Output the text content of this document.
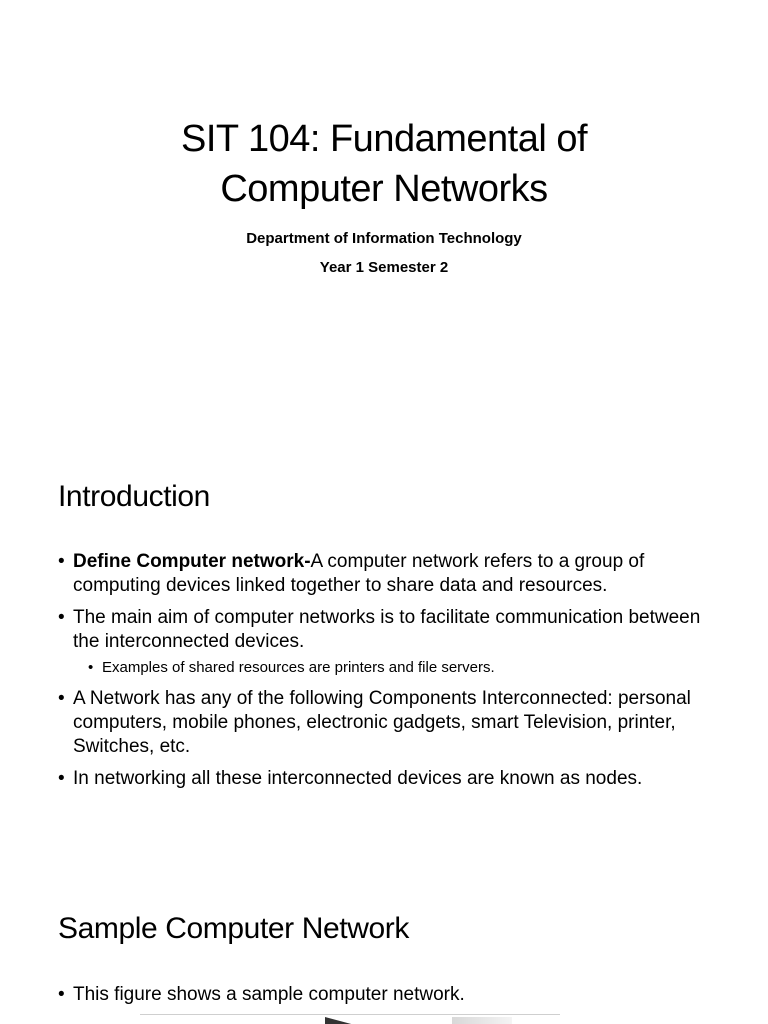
SIT 104: Fundamental of
Computer Networks
Department of Information Technology
Year 1 Semester 2
Introduction
• Define Computer network-A computer network refers to a group of computing devices linked together to share data and resources.
• The main aim of computer networks is to facilitate communication between the interconnected devices.
• Examples of shared resources are printers and file servers.
• A Network has any of the following Components Interconnected: personal computers, mobile phones, electronic gadgets, smart Television, printer, Switches, etc.
• In networking all these interconnected devices are known as nodes.
Sample Computer Network
• This figure shows a sample computer network.
